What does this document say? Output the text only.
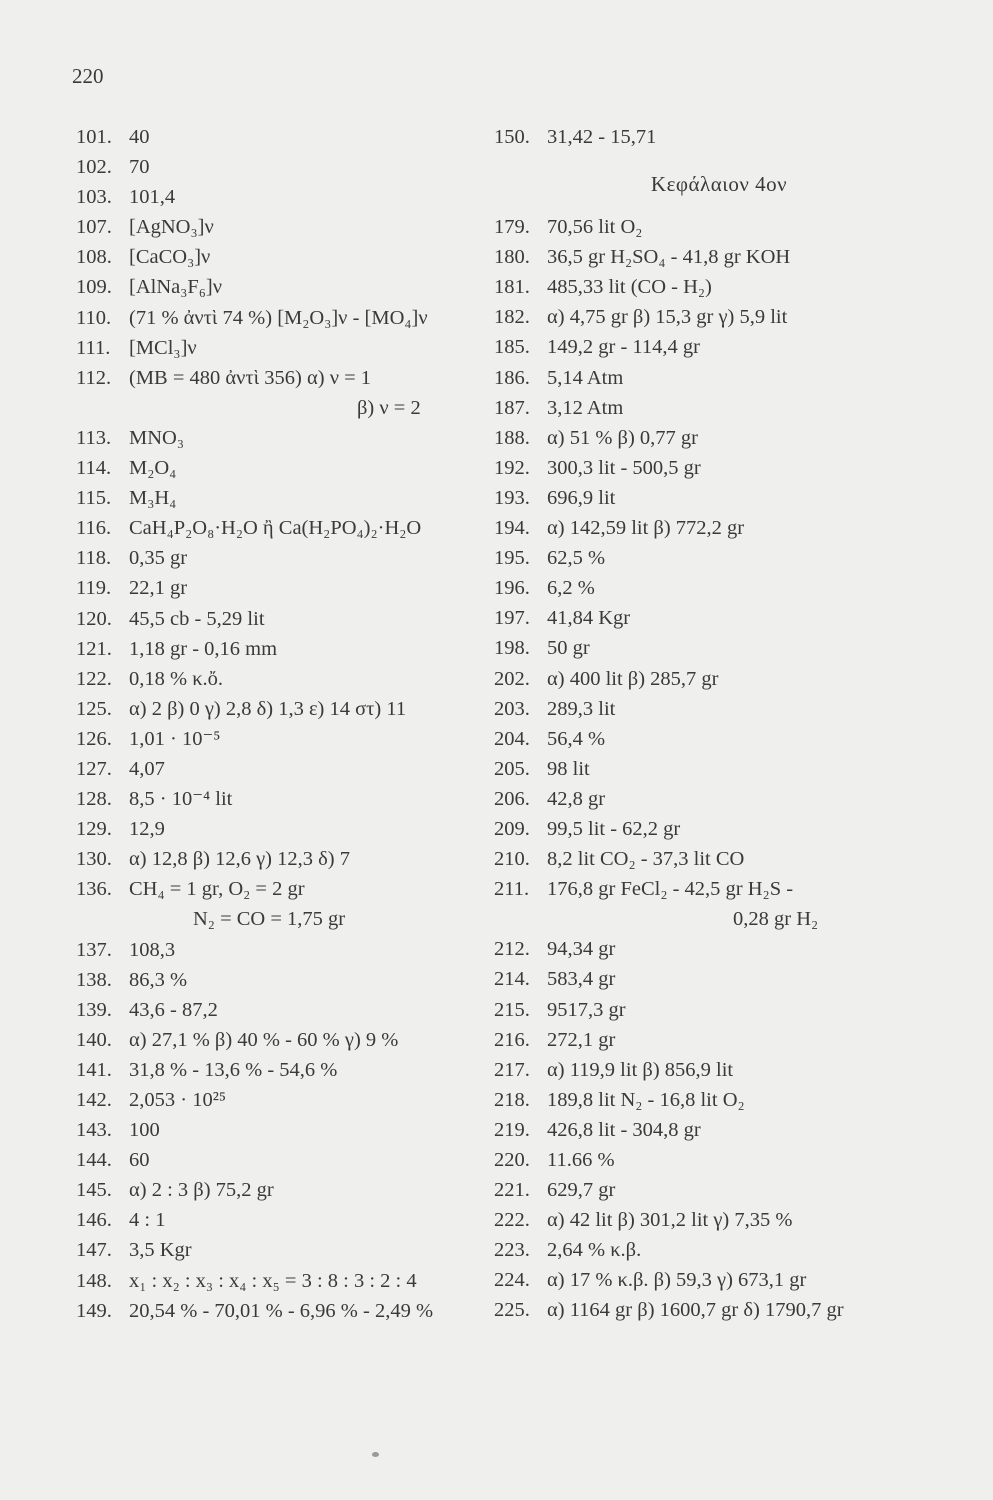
220
101. 40
102. 70
103. 101,4
107. [AgNO₃]ν
108. [CaCO₃]ν
109. [AlNa₃F₆]ν
110. (71 % ἀντὶ 74 %) [M₂O₃]ν - [MO₄]ν
111. [MCl₃]ν
112. (MB = 480 ἀντὶ 356) α) ν = 1
β) ν = 2
113. MNO₃
114. M₂O₄
115. M₃H₄
116. CaH₄P₂O₈·H₂O ἢ Ca(H₂PO₄)₂·H₂O
118. 0,35 gr
119. 22,1 gr
120. 45,5 cb - 5,29 lit
121. 1,18 gr - 0,16 mm
122. 0,18 % κ.ὄ.
125. α) 2 β) 0 γ) 2,8 δ) 1,3 ε) 14 στ) 11
126. 1,01 · 10⁻⁵
127. 4,07
128. 8,5 · 10⁻⁴ lit
129. 12,9
130. α) 12,8 β) 12,6 γ) 12,3 δ) 7
136. CH₄ = 1 gr, O₂ = 2 gr
N₂ = CO = 1,75 gr
137. 108,3
138. 86,3 %
139. 43,6 - 87,2
140. α) 27,1 % β) 40 % - 60 % γ) 9 %
141. 31,8 % - 13,6 % - 54,6 %
142. 2,053 · 10²⁵
143. 100
144. 60
145. α) 2 : 3 β) 75,2 gr
146. 4 : 1
147. 3,5 Kgr
148. x₁ : x₂ : x₃ : x₄ : x₅ = 3 : 8 : 3 : 2 : 4
149. 20,54 % - 70,01 % - 6,96 % - 2,49 %
150. 31,42 - 15,71
Κεφάλαιον 4ον
179. 70,56 lit O₂
180. 36,5 gr H₂SO₄ - 41,8 gr KOH
181. 485,33 lit (CO - H₂)
182. α) 4,75 gr β) 15,3 gr γ) 5,9 lit
185. 149,2 gr - 114,4 gr
186. 5,14 Atm
187. 3,12 Atm
188. α) 51 % β) 0,77 gr
192. 300,3 lit - 500,5 gr
193. 696,9 lit
194. α) 142,59 lit β) 772,2 gr
195. 62,5 %
196. 6,2 %
197. 41,84 Kgr
198. 50 gr
202. α) 400 lit β) 285,7 gr
203. 289,3 lit
204. 56,4 %
205. 98 lit
206. 42,8 gr
209. 99,5 lit - 62,2 gr
210. 8,2 lit CO₂ - 37,3 lit CO
211. 176,8 gr FeCl₂ - 42,5 gr H₂S -
0,28 gr H₂
212. 94,34 gr
214. 583,4 gr
215. 9517,3 gr
216. 272,1 gr
217. α) 119,9 lit β) 856,9 lit
218. 189,8 lit N₂ - 16,8 lit O₂
219. 426,8 lit - 304,8 gr
220. 11.66 %
221. 629,7 gr
222. α) 42 lit β) 301,2 lit γ) 7,35 %
223. 2,64 % κ.β.
224. α) 17 % κ.β. β) 59,3 γ) 673,1 gr
225. α) 1164 gr β) 1600,7 gr δ) 1790,7 gr
